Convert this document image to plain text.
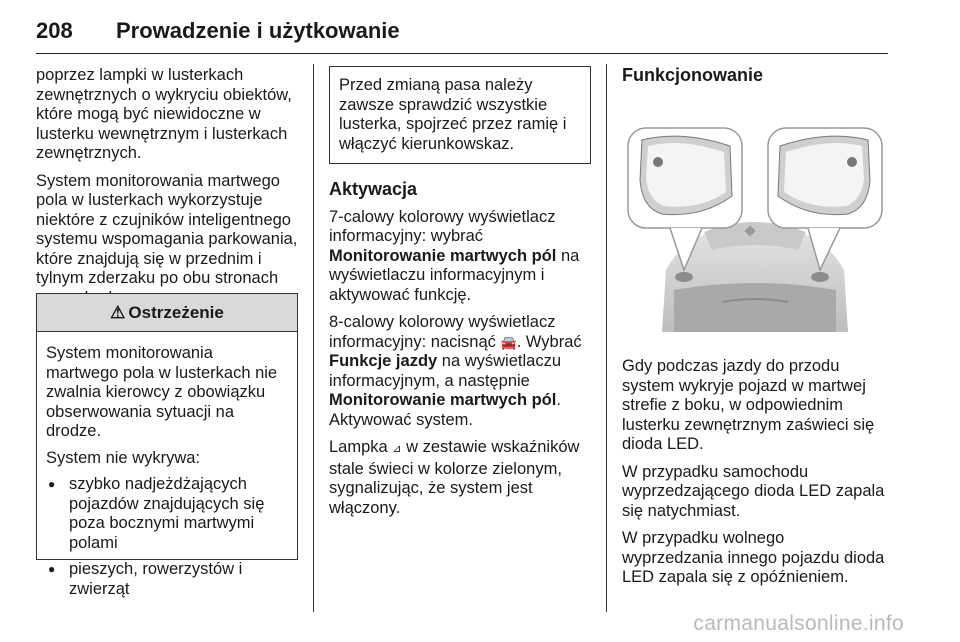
208 Prowadzenie i użytkowanie

poprzez lampki w lusterkach zewnętrznych o wykryciu obiektów, które mogą być niewidoczne w lusterku wewnętrznym i lusterkach zewnętrznych.

System monitorowania martwego pola w lusterkach wykorzystuje niektóre z czujników inteligentnego systemu wspomagania parkowania, które znajdują się w przednim i tylnym zderzaku po obu stronach

⚠ Ostrzeżenie

System monitorowania martwego pola w lusterkach nie zwalnia kierowcy z obowiązku obserwowania sytuacji na drodze.

System nie wykrywa:

● szybko nadjeżdżających pojazdów znajdujących się poza bocznymi martwymi polami
● pieszych, rowerzystów i zwierząt
Przed zmianą pasa należy zawsze sprawdzić wszystkie lusterka, spojrzeć przez ramię i włączyć kierunkowskaz.
Aktywacja

7-calowy kolorowy wyświetlacz informacyjny: wybrać Monitorowanie martwych pól na wyświetlaczu informacyjnym i aktywować funkcję.

8-calowy kolorowy wyświetlacz informacyjny: nacisnąć 🚘. Wybrać Funkcje jazdy na wyświetlaczu informacyjnym, a następnie Monitorowanie martwych pól.
Aktywować system.

Lampka ⊿ w zestawie wskaźników stale świeci w kolorze zielonym, sygnalizując, że system jest włączony.

Funkcjonowanie

Gdy podczas jazdy do przodu system wykryje pojazd w martwej strefie z boku, w odpowiednim lusterku zewnętrznym zaświeci się dioda LED.

W przypadku samochodu wyprzedzającego dioda LED zapala się natychmiast.

W przypadku wolnego wyprzedzania innego pojazdu dioda LED zapala się z opóźnieniem.

carmanualsonline.info
